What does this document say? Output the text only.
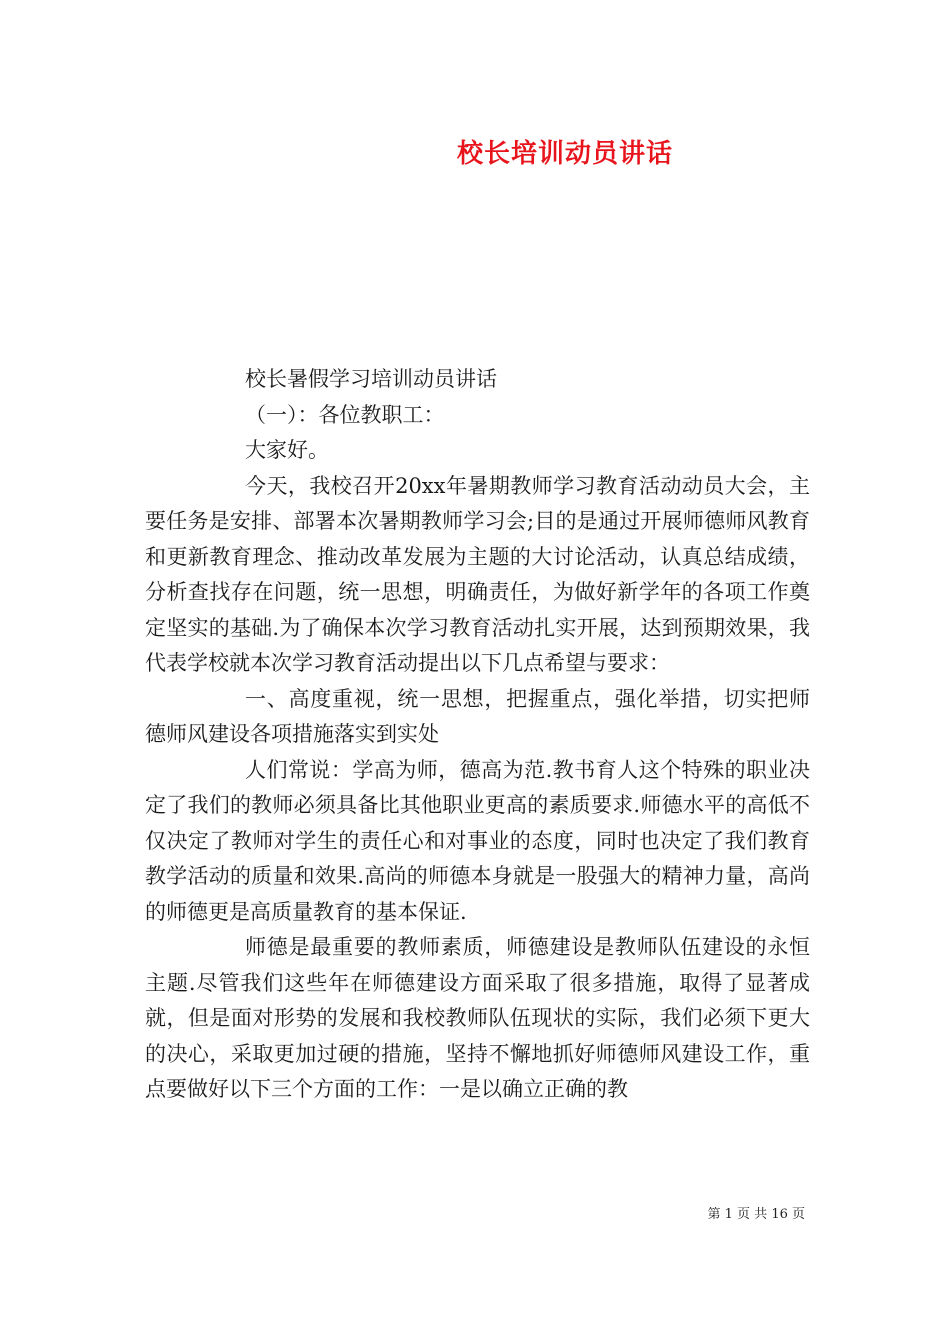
校长培训动员讲话

校长暑假学习培训动员讲话

（一）：各位教职工：

大家好。

今天，我校召开20xx年暑期教师学习教育活动动员大会，主要任务是安排、部署本次暑期教师学习会;目的是通过开展师德师风教育和更新教育理念、推动改革发展为主题的大讨论活动，认真总结成绩，分析查找存在问题，统一思想，明确责任，为做好新学年的各项工作奠定坚实的基础.为了确保本次学习教育活动扎实开展，达到预期效果，我代表学校就本次学习教育活动提出以下几点希望与要求：

一、高度重视，统一思想，把握重点，强化举措，切实把师德师风建设各项措施落实到实处

人们常说：学高为师，德高为范.教书育人这个特殊的职业决定了我们的教师必须具备比其他职业更高的素质要求.师德水平的高低不仅决定了教师对学生的责任心和对事业的态度，同时也决定了我们教育教学活动的质量和效果.高尚的师德本身就是一股强大的精神力量，高尚的师德更是高质量教育的基本保证.

师德是最重要的教师素质，师德建设是教师队伍建设的永恒主题.尽管我们这些年在师德建设方面采取了很多措施，取得了显著成就，但是面对形势的发展和我校教师队伍现状的实际，我们必须下更大的决心，采取更加过硬的措施，坚持不懈地抓好师德师风建设工作，重点要做好以下三个方面的工作：一是以确立正确的教

第 1 页 共 16 页
